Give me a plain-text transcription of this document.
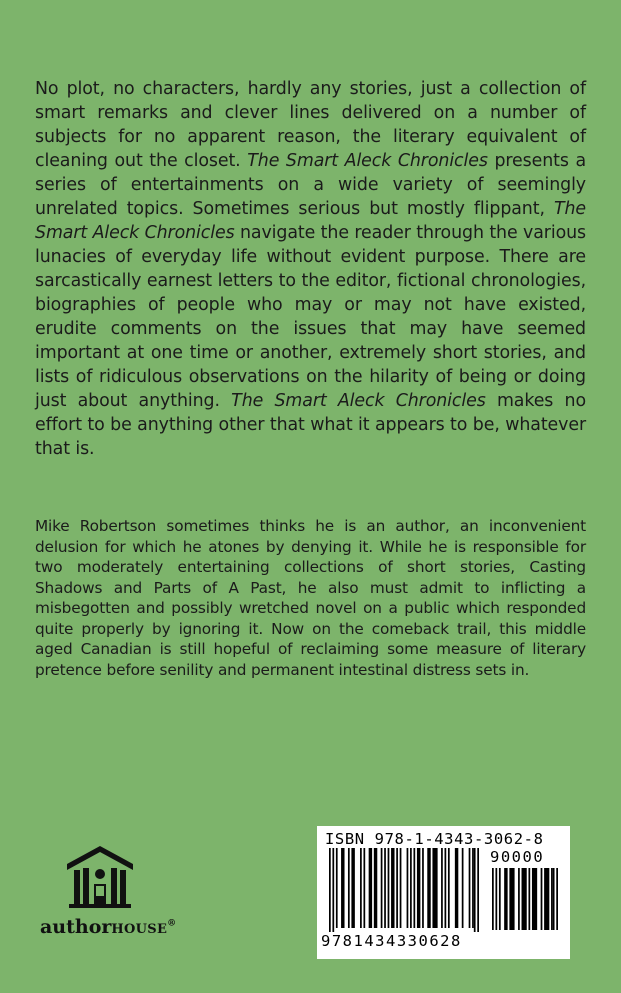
No plot, no characters, hardly any stories, just a collection of smart remarks and clever lines delivered on a number of subjects for no apparent reason, the literary equivalent of cleaning out the closet. The Smart Aleck Chronicles presents a series of entertainments on a wide variety of seemingly unrelated topics. Sometimes serious but mostly flippant, The Smart Aleck Chronicles navigate the reader through the various lunacies of everyday life without evident purpose. There are sarcastically earnest letters to the editor, fictional chronologies, biographies of people who may or may not have existed, erudite comments on the issues that may have seemed important at one time or another, extremely short stories, and lists of ridiculous observations on the hilarity of being or doing just about anything. The Smart Aleck Chronicles makes no effort to be anything other that what it appears to be, whatever that is.

Mike Robertson sometimes thinks he is an author, an inconvenient delusion for which he atones by denying it. While he is responsible for two moderately entertaining collections of short stories, Casting Shadows and Parts of A Past, he also must admit to inflicting a misbegotten and possibly wretched novel on a public which responded quite properly by ignoring it. Now on the comeback trail, this middle aged Canadian is still hopeful of reclaiming some measure of literary pretence before senility and permanent intestinal distress sets in.

authorHOUSE®
ISBN 978-1-4343-3062-8
90000
9781434330628
